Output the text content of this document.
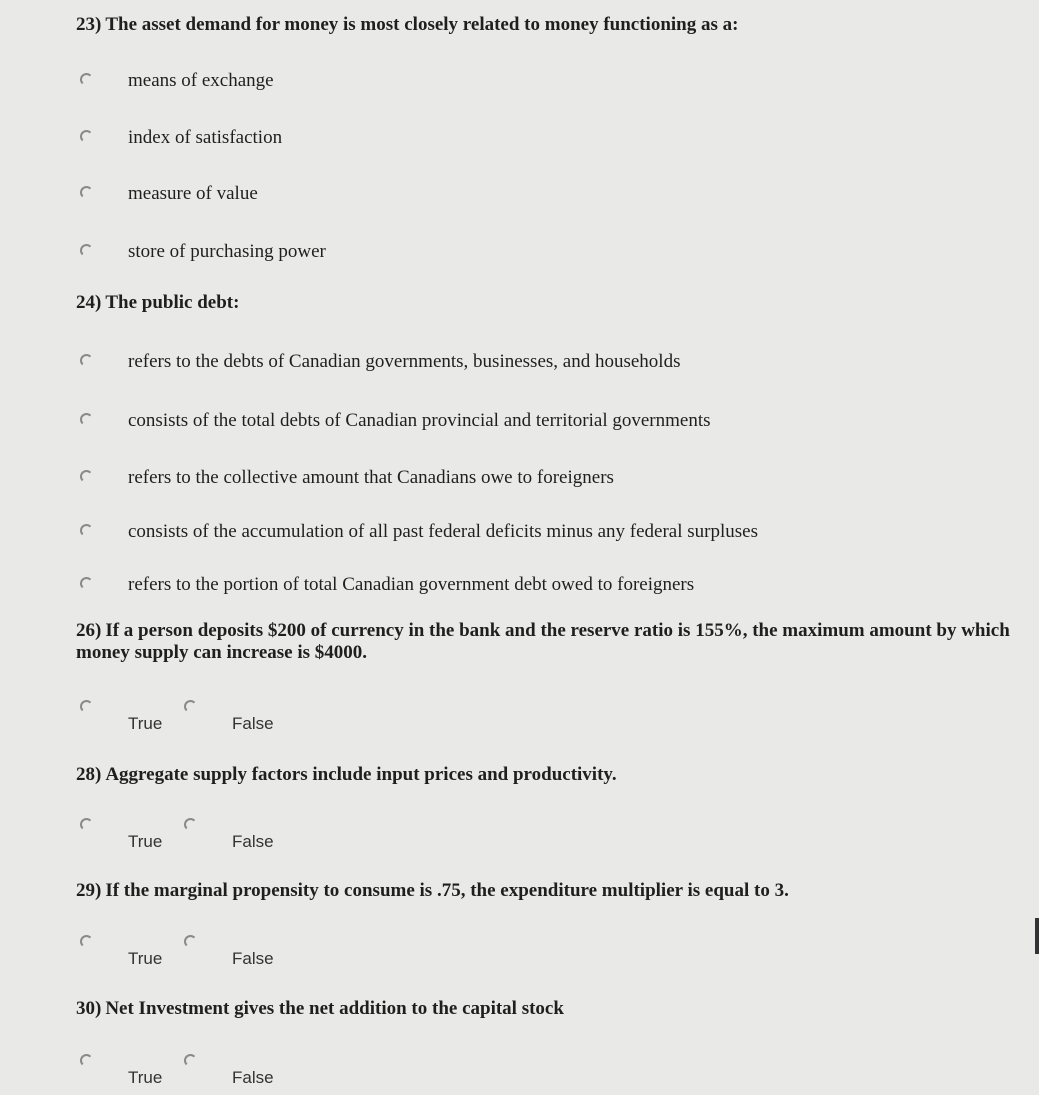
23) The asset demand for money is most closely related to money functioning as a:
means of exchange
index of satisfaction
measure of value
store of purchasing power
24) The public debt:
refers to the debts of Canadian governments, businesses, and households
consists of the total debts of Canadian provincial and territorial governments
refers to the collective amount that Canadians owe to foreigners
consists of the accumulation of all past federal deficits minus any federal surpluses
refers to the portion of total Canadian government debt owed to foreigners
26) If a person deposits $200 of currency in the bank and the reserve ratio is 155%, the maximum amount by which money supply can increase is $4000.
True	False
28) Aggregate supply factors include input prices and productivity.
True	False
29) If the marginal propensity to consume is .75, the expenditure multiplier is equal to 3.
True	False
30) Net Investment gives the net addition to the capital stock
True	False
